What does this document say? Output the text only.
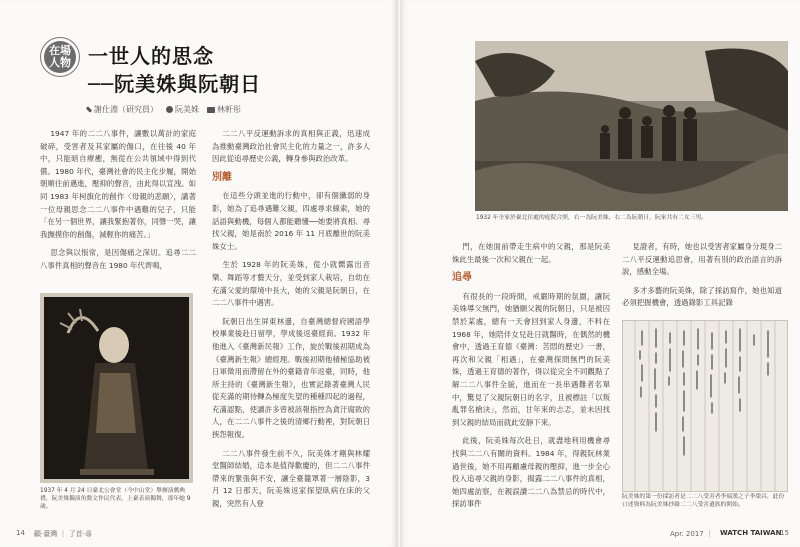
在場
人物 一世人的思念
──阮美姝與阮朝日
謝仕淵（研究員） 阮美姝 林軒彤

1947 年的二二八事件，讓數以萬計的家庭破碎，受害者及其家屬的傷口，在往後 40 年中，只能暗自療癒，無從在公共領域中得到代償。1980 年代，臺灣社會的民主化步履，開始朝順往前邁進，壓抑的聲音，由此得以宣洩。如同 1983 年柯旗化的創作〈母親的悲願〉，講著一位母親思念二二八事件中遇難的兒子，只能「在另一個世界，讓我緊抱著你，同聲一哭，讓我撫摸你的創傷，減輕你的痛苦。」

思念與以悵常，是因傷痛之深切。追尋二二八事件真相的聲音在 1980 年代齊鳴，

1937 年 4 月 24 日臺北公會堂（今中山堂）舉辦演戲典禮，阮美姝獨演角盤文作民代表，上臺表演獨舞，那年她 9 歲。

二二八平反運動訴求的真相與正義，迅速成為推動臺灣政治社會民主化的力量之一，許多人因此從追尋歷史公義，轉身參與政治改革。

別離

在這些分頭並進的行動中，卻有個纖弱的身影，她為了追尋遇難父親，四處尋求線索，她的話語與動機，每個人都能聽懂──她要將真相、尋找父親，她是南於 2016 年 11 月底離世的阮美姝女士。

生於 1928 年的阮美姝，從小就嚮露出音樂、舞蹈等才藝天分，並受到家人栽培，自幼在充滿父愛的環境中長大，她的父親是阮朝日，在二二八事件中遇害。

阮朝日出生屏東林邊，自臺灣總督府國語學校畢業後赴日留學，學成後返臺經商。1932 年他進入《臺灣新民報》工作，旋於戰後初期成為《臺灣新生報》總經理。戰後初期他積極協助被日軍徵用而滯留在外的臺籍青年返臺，同時，他所主持的《臺灣新生報》，也實記錄著臺灣人民從充滿的期待轉為極度失望的種種四起的過程，充滿認點，使讀許多曾被該報指控為貪汙腐敗的人，在二二八事件之後的清鄉行動裡，對阮朝日挾怨報復。

二二八事件發生前不久，阮美姝才剛與林耀堂醫師結婚，這本是值得歡慶的，但二二八事件帶來的緊張與不安，讓全臺籠罩著一層陰影，3 月 12 日那天，阮美姝返家探望臥病在床的父親，突然有人登

14 顧‧臺灣 ｜ 了首‧尋
1932 年全家於臺北住處的庭院合照，右一為阮美姝、右二為阮朝日，阮家共有二女三男。

門，在她面前帶走生病中的父親，那是阮美姝此生最後一次和父親在一起。

追尋

有很長的一段時間，戒嚴時期的氛圍，讓阮美姝導父無門，她猶願父親的阮朝日，只是被囚禁於某處，總有一天會回到家人身邊，不料在 1968 年，她陪伴女兒赴日就醫時，在偶然的機會中，透過王育德《臺灣：苦悶的歷史》一書，再次和父親「相遇」，在臺灣探問無門的阮美姝，透過王育德的著作，得以從完全不同觀點了解二二八事件全貌，進而在一長串遇難者名單中，驚見了父親阮朝日的名字，且被標註「以叛亂罪名槍決」，然而，甘年來的忐忑，並未因找到父親的結局而就此安靜下來。

此後，阮美姝每次赴日，就盡地利用機會尋找與二二八有關的資料。1984 年，得親阮林業過世後，她不用再顧慮母親的壓抑，進一步全心投入追尋父親的身影，揭露二二八事件的真相，她四處訪察，在親誤讀二二八為禁忌的時代中，採訪事件

見證者，有時，她也以受害者家屬身分現身二二八平反運動追思會，用著有別的政治語言的訴說，感動全場。

多才多藝的阮美姝，除了採訪寫作，她也知道必須把握機會，透過錄影工具記錄

阮美姝的第一份採訪者是二二八受害者李瑞漢之子李榮昌，此份口述資料為阮美姝抄錄二二八受害遺族的開始。
Apr. 2017 ｜ WATCH TAIWAN
15
